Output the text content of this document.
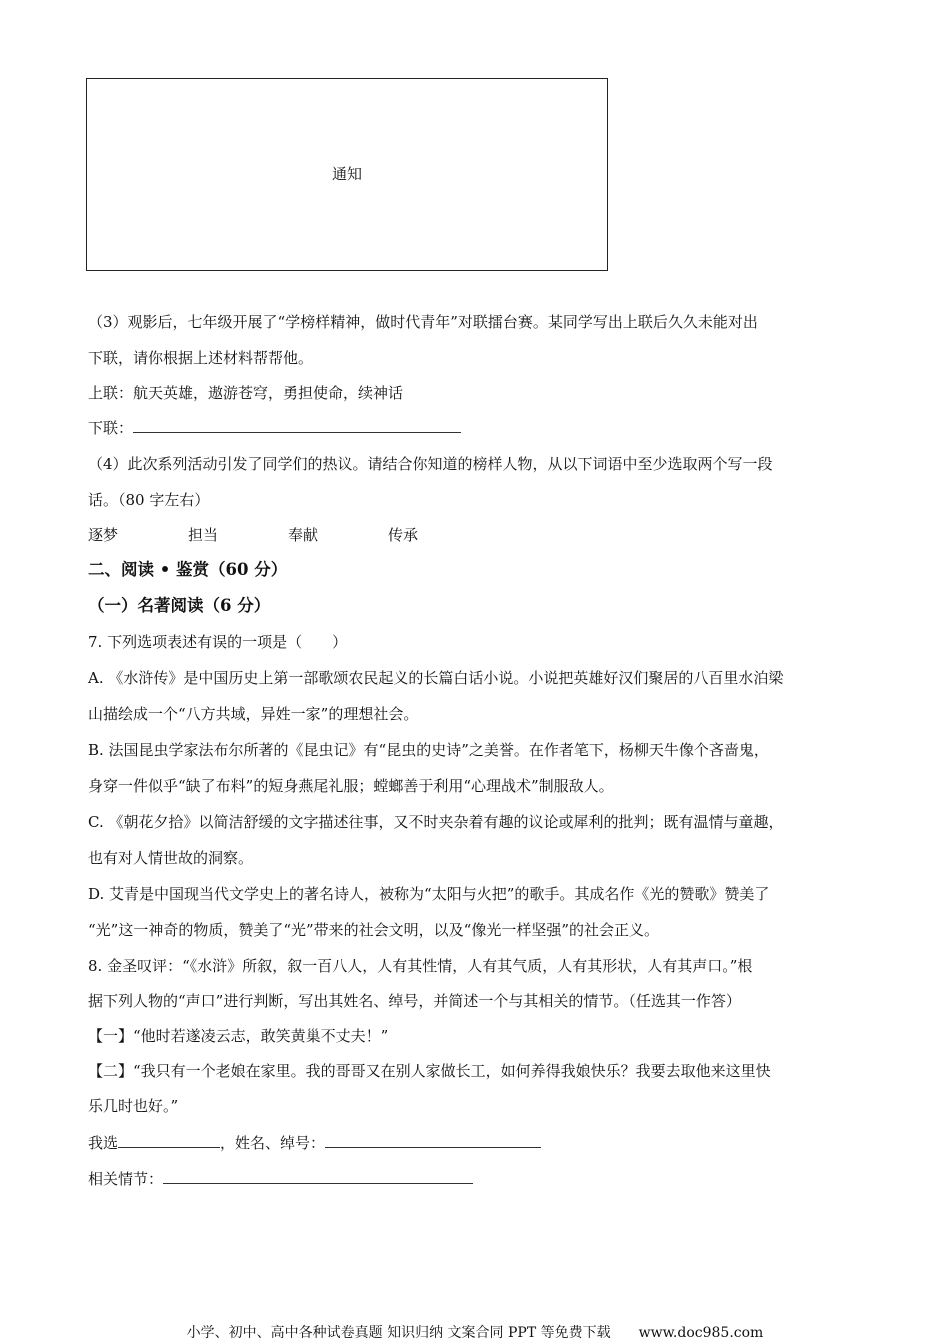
通知
（3）观影后，七年级开展了“学榜样精神，做时代青年”对联擂台赛。某同学写出上联后久久未能对出
下联，请你根据上述材料帮帮他。
上联：航天英雄，遨游苍穹，勇担使命，续神话
下联：
（4）此次系列活动引发了同学们的热议。请结合你知道的榜样人物，从以下词语中至少选取两个写一段
话。（80 字左右）
逐梦	担当	奉献	传承
二、阅读 • 鉴赏（60 分）
（一）名著阅读（6 分）
7. 下列选项表述有误的一项是（　　）
A. 《水浒传》是中国历史上第一部歌颂农民起义的长篇白话小说。小说把英雄好汉们聚居的八百里水泊梁
山描绘成一个“八方共域，异姓一家”的理想社会。
B. 法国昆虫学家法布尔所著的《昆虫记》有“昆虫的史诗”之美誉。在作者笔下，杨柳天牛像个吝啬鬼，
身穿一件似乎“缺了布料”的短身燕尾礼服；螳螂善于利用“心理战术”制服敌人。
C. 《朝花夕拾》以简洁舒缓的文字描述往事，又不时夹杂着有趣的议论或犀利的批判；既有温情与童趣，
也有对人情世故的洞察。
D. 艾青是中国现当代文学史上的著名诗人，被称为“太阳与火把”的歌手。其成名作《光的赞歌》赞美了
“光”这一神奇的物质，赞美了“光”带来的社会文明，以及“像光一样坚强”的社会正义。
8. 金圣叹评：“《水浒》所叙，叙一百八人，人有其性情，人有其气质，人有其形状，人有其声口。”根
据下列人物的“声口”进行判断，写出其姓名、绰号，并简述一个与其相关的情节。（任选其一作答）
【一】“他时若遂凌云志，敢笑黄巢不丈夫！”
【二】“我只有一个老娘在家里。我的哥哥又在别人家做长工，如何养得我娘快乐？我要去取他来这里快
乐几时也好。”
我选	，姓名、绰号：
相关情节：
小学、初中、高中各种试卷真题 知识归纳 文案合同 PPT 等免费下载　　www.doc985.com
